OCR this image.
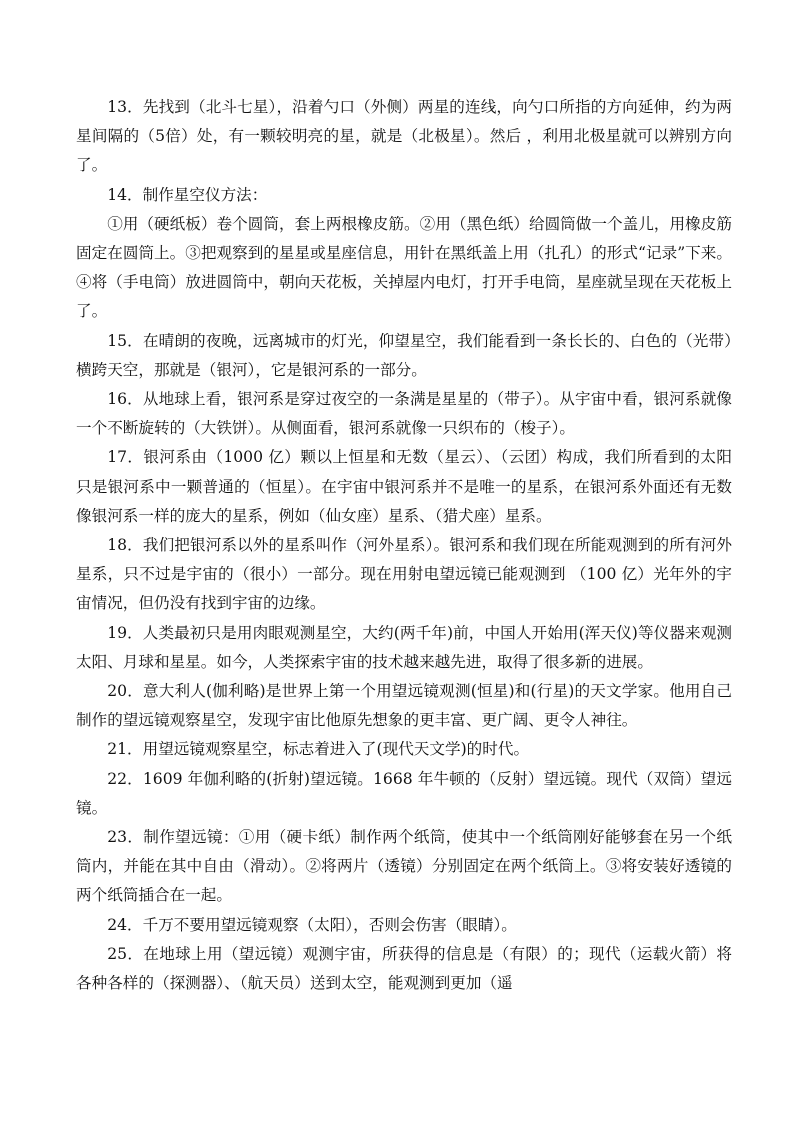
13．先找到（北斗七星），沿着勺口（外侧）两星的连线，向勺口所指的方向延伸，约为两星间隔的（5倍）处，有一颗较明亮的星，就是（北极星）。然后 ，利用北极星就可以辨别方向了。

14．制作星空仪方法：

①用（硬纸板）卷个圆筒，套上两根橡皮筋。②用（黑色纸）给圆筒做一个盖儿，用橡皮筋固定在圆筒上。③把观察到的星星或星座信息，用针在黑纸盖上用（扎孔）的形式“记录”下来。④将（手电筒）放进圆筒中，朝向天花板，关掉屋内电灯，打开手电筒，星座就呈现在天花板上了。

15．在晴朗的夜晚，远离城市的灯光，仰望星空，我们能看到一条长长的、白色的（光带）横跨天空，那就是（银河），它是银河系的一部分。

16．从地球上看，银河系是穿过夜空的一条满是星星的（带子）。从宇宙中看，银河系就像一个不断旋转的（大铁饼）。从侧面看，银河系就像一只织布的（梭子）。

17．银河系由（1000 亿）颗以上恒星和无数（星云）、（云团）构成，我们所看到的太阳只是银河系中一颗普通的（恒星）。在宇宙中银河系并不是唯一的星系，在银河系外面还有无数像银河系一样的庞大的星系，例如（仙女座）星系、（猎犬座）星系。

18．我们把银河系以外的星系叫作（河外星系）。银河系和我们现在所能观测到的所有河外星系，只不过是宇宙的（很小）一部分。现在用射电望远镜已能观测到 （100 亿）光年外的宇宙情况，但仍没有找到宇宙的边缘。

19．人类最初只是用肉眼观测星空，大约(两千年)前，中国人开始用(浑天仪)等仪器来观测太阳、月球和星星。如今，人类探索宇宙的技术越来越先进，取得了很多新的进展。

20．意大利人(伽利略)是世界上第一个用望远镜观测(恒星)和(行星)的天文学家。他用自己制作的望远镜观察星空，发现宇宙比他原先想象的更丰富、更广阔、更令人神往。

21．用望远镜观察星空，标志着进入了(现代天文学)的时代。

22．1609 年伽利略的(折射)望远镜。1668 年牛顿的（反射）望远镜。现代（双筒）望远镜。

23．制作望远镜：①用（硬卡纸）制作两个纸筒，使其中一个纸筒刚好能够套在另一个纸筒内，并能在其中自由（滑动）。②将两片（透镜）分别固定在两个纸筒上。③将安装好透镜的两个纸筒插合在一起。

24．千万不要用望远镜观察（太阳），否则会伤害（眼睛）。

25．在地球上用（望远镜）观测宇宙，所获得的信息是（有限）的；现代（运载火箭）将各种各样的（探测器）、（航天员）送到太空，能观测到更加（遥
